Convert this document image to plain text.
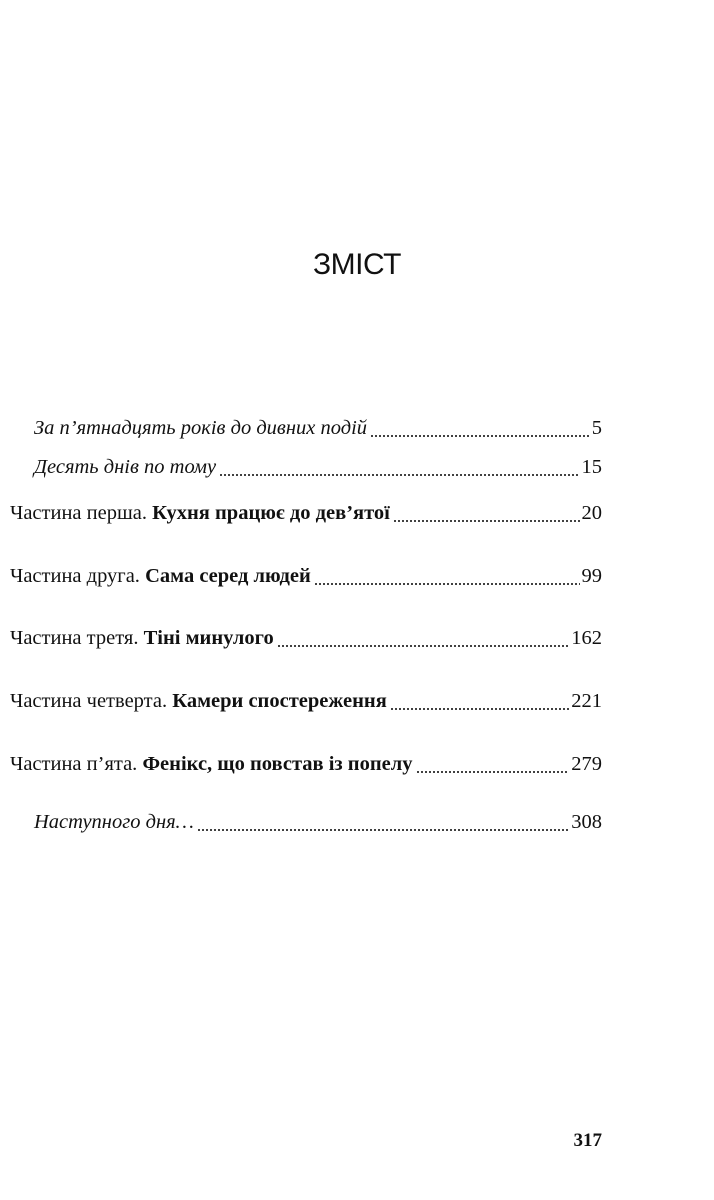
ЗМІСТ
За п’ятнадцять років до дивних подій	5
Десять днів по тому	15
Частина перша. Кухня працює до дев’ятої	20
Частина друга. Сама серед людей	99
Частина третя. Тіні минулого	162
Частина четверта. Камери спостереження	221
Частина п’ята. Фенікс, що повстав із попелу	279
Наступного дня…	308
317
